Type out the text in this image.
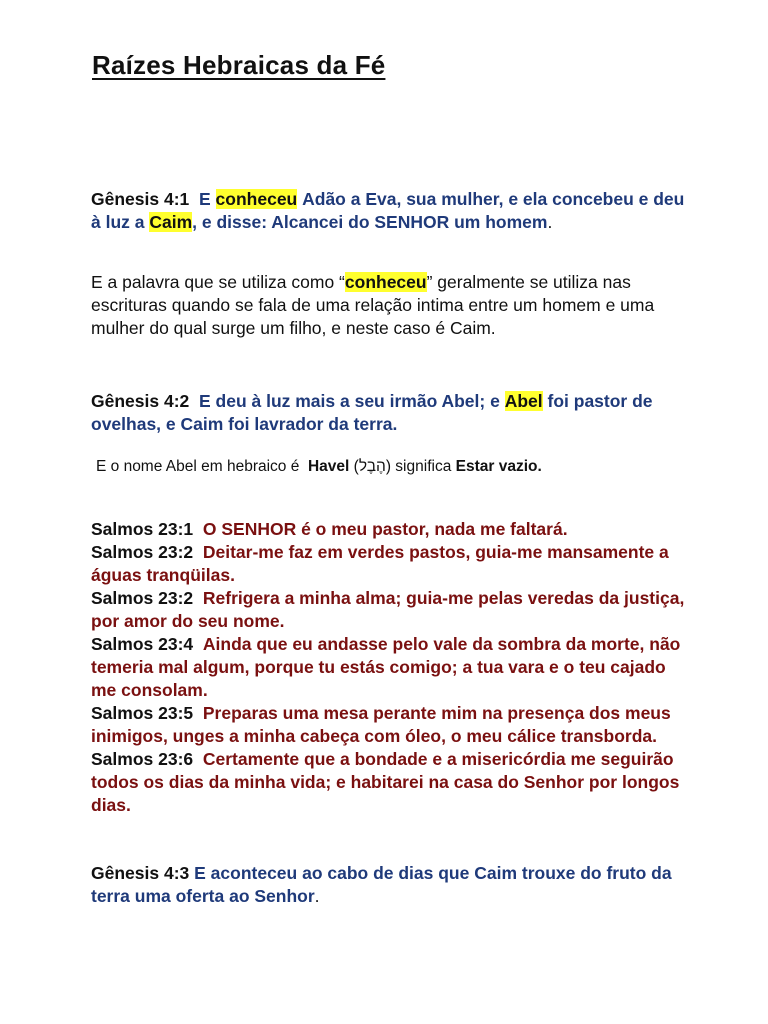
Raízes Hebraicas da Fé

Gênesis 4:1 E conheceu Adão a Eva, sua mulher, e ela concebeu e deu à luz a Caim, e disse: Alcancei do SENHOR um homem.

E a palavra que se utiliza como “conheceu” geralmente se utiliza nas escrituras quando se fala de uma relação intima entre um homem e uma mulher do qual surge um filho, e neste caso é Caim.

Gênesis 4:2 E deu à luz mais a seu irmão Abel; e Abel foi pastor de ovelhas, e Caim foi lavrador da terra.

E o nome Abel em hebraico é Havel (הֶבֶל) significa Estar vazio.

Salmos 23:1 O SENHOR é o meu pastor, nada me faltará.
Salmos 23:2 Deitar-me faz em verdes pastos, guia-me mansamente a águas tranqüilas.
Salmos 23:2 Refrigera a minha alma; guia-me pelas veredas da justiça, por amor do seu nome.
Salmos 23:4 Ainda que eu andasse pelo vale da sombra da morte, não temeria mal algum, porque tu estás comigo; a tua vara e o teu cajado me consolam.
Salmos 23:5 Preparas uma mesa perante mim na presença dos meus inimigos, unges a minha cabeça com óleo, o meu cálice transborda.
Salmos 23:6 Certamente que a bondade e a misericórdia me seguirão todos os dias da minha vida; e habitarei na casa do Senhor por longos dias.

Gênesis 4:3 E aconteceu ao cabo de dias que Caim trouxe do fruto da terra uma oferta ao Senhor.
